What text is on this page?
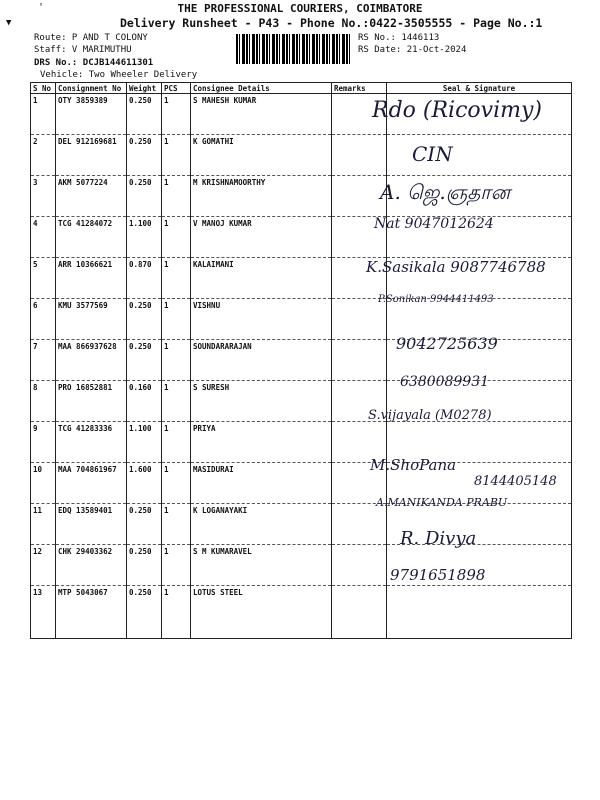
'
▼
THE PROFESSIONAL COURIERS, COIMBATORE
Delivery Runsheet - P43 - Phone No.:0422-3505555 - Page No.:1
Route: P AND T COLONY
Staff: V MARIMUTHU
DRS No.: DCJB144611301
Vehicle: Two Wheeler Delivery
RS No.: 1446113
RS Date: 21-Oct-2024
S No	Consignment No	Weight	PCS	Consignee Details	Remarks	Seal & Signature
1	OTY 3859389	0.250	1	S MAHESH KUMAR		
2	DEL 912169681	0.250	1	K GOMATHI		
3	AKM 5077224	0.250	1	M KRISHNAMOORTHY		
4	TCG 41284072	1.100	1	V MANOJ KUMAR		
5	ARR 10366621	0.870	1	KALAIMANI		
6	KMU 3577569	0.250	1	VISHNU		
7	MAA 866937628	0.250	1	SOUNDARARAJAN		
8	PRO 16852881	0.160	1	S SURESH		
9	TCG 41283336	1.100	1	PRIYA		
10	MAA 704861967	1.600	1	MASIDURAI		
11	EDQ 13589401	0.250	1	K LOGANAYAKI		
12	CHK 29403362	0.250	1	S M KUMARAVEL		
13	MTP 5043067	0.250	1	LOTUS STEEL		
Rdo (Ricovimy)
CIN
A. ஜெ.ஞதான
Nat 9047012624
K.Sasikala 9087746788
P.Sonikan 9944411493
9042725639
6380089931
S.vijayala (M0278)
M.ShoPana
8144405148
A.MANIKANDA PRABU
R. Divya
9791651898
